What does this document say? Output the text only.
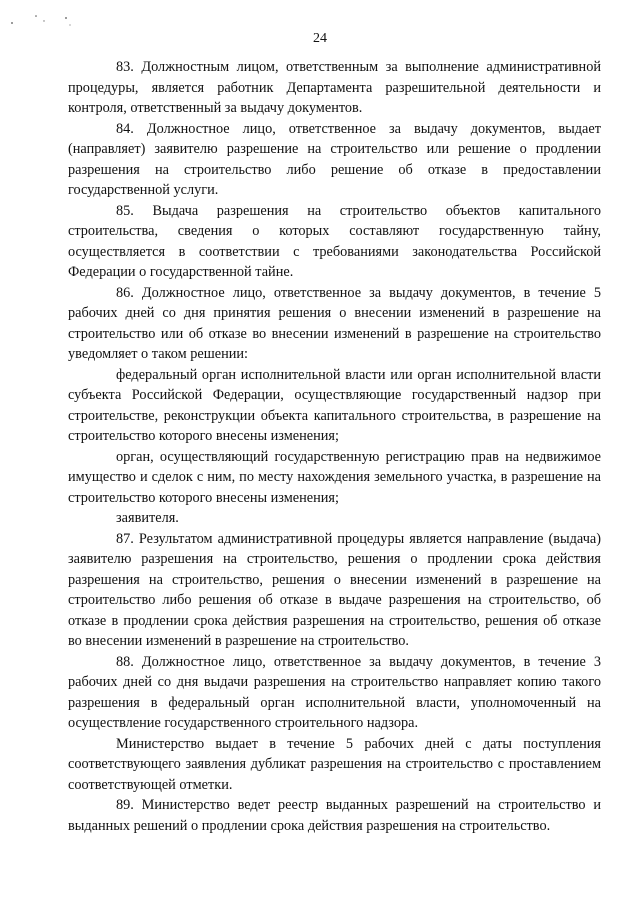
24

83. Должностным лицом, ответственным за выполнение административной процедуры, является работник Департамента разрешительной деятельности и контроля, ответственный за выдачу документов.

84. Должностное лицо, ответственное за выдачу документов, выдает (направляет) заявителю разрешение на строительство или решение о продлении разрешения на строительство либо решение об отказе в предоставлении государственной услуги.

85. Выдача разрешения на строительство объектов капитального строительства, сведения о которых составляют государственную тайну, осуществляется в соответствии с требованиями законодательства Российской Федерации о государственной тайне.

86. Должностное лицо, ответственное за выдачу документов, в течение 5 рабочих дней со дня принятия решения о внесении изменений в разрешение на строительство или об отказе во внесении изменений в разрешение на строительство уведомляет о таком решении:

федеральный орган исполнительной власти или орган исполнительной власти субъекта Российской Федерации, осуществляющие государственный надзор при строительстве, реконструкции объекта капитального строительства, в разрешение на строительство которого внесены изменения;

орган, осуществляющий государственную регистрацию прав на недвижимое имущество и сделок с ним, по месту нахождения земельного участка, в разрешение на строительство которого внесены изменения;

заявителя.

87. Результатом административной процедуры является направление (выдача) заявителю разрешения на строительство, решения о продлении срока действия разрешения на строительство, решения о внесении изменений в разрешение на строительство либо решения об отказе в выдаче разрешения на строительство, об отказе в продлении срока действия разрешения на строительство, решения об отказе во внесении изменений в разрешение на строительство.

88. Должностное лицо, ответственное за выдачу документов, в течение 3 рабочих дней со дня выдачи разрешения на строительство направляет копию такого разрешения в федеральный орган исполнительной власти, уполномоченный на осуществление государственного строительного надзора.

Министерство выдает в течение 5 рабочих дней с даты поступления соответствующего заявления дубликат разрешения на строительство с проставлением соответствующей отметки.

89. Министерство ведет реестр выданных разрешений на строительство и выданных решений о продлении срока действия разрешения на строительство.
